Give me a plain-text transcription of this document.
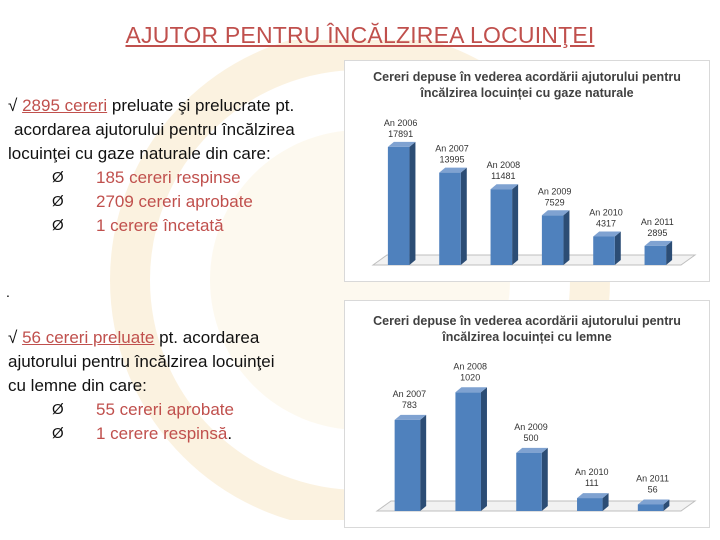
AJUTOR PENTRU ÎNCĂLZIREA LOCUINŢEI
√ 2895 cereri preluate şi prelucrate pt.
acordarea ajutorului pentru încălzirea
locuinţei cu gaze naturale din care:
Ø	185 cereri respinse
Ø	2709 cereri aprobate
Ø	1 cerere încetată
.
√ 56 cereri preluate pt. acordarea
ajutorului pentru încălzirea locuinţei
cu lemne din care:
Ø	55 cereri aprobate
Ø	1 cerere respinsă .
Cereri depuse în vederea acordării ajutorului pentru încălzirea locuinței cu gaze naturale
An 2006
17891
An 2007
13995
An 2008
11481
An 2009
7529
An 2010
4317	An 2011
2895
Cereri depuse în vederea acordării ajutorului pentru încălzirea locuinței cu lemne
An 2007
783
An 2008
1020
An 2009
500
An 2010
111	An 2011
56
